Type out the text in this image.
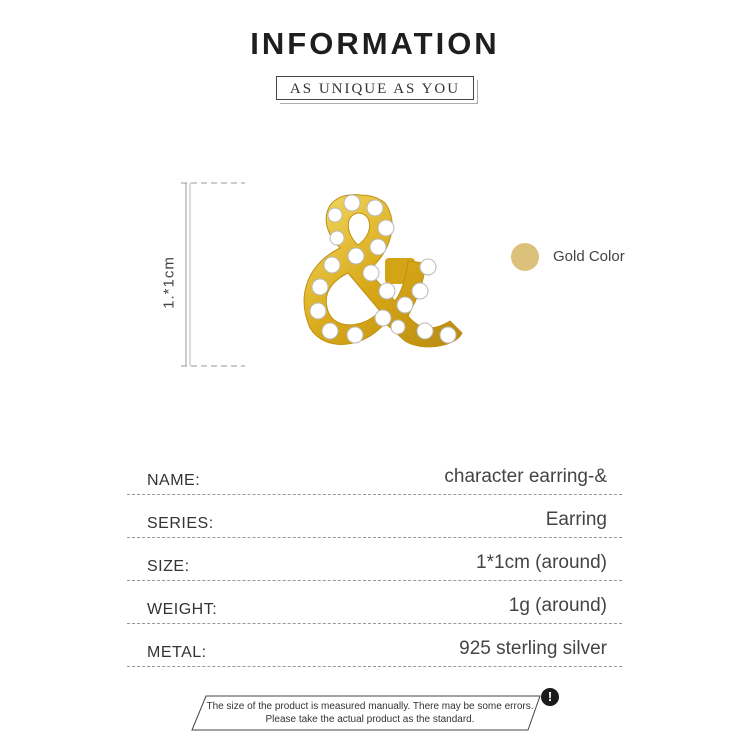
INFORMATION
AS UNIQUE AS YOU
1.*1cm	Gold Color
NAME:	character earring-&
SERIES:	Earring
SIZE:	1*1cm (around)
WEIGHT:	1g (around)
METAL:	925 sterling silver
The size of the product is measured manually. There may be some errors.
Please take the actual product as the standard.
!
